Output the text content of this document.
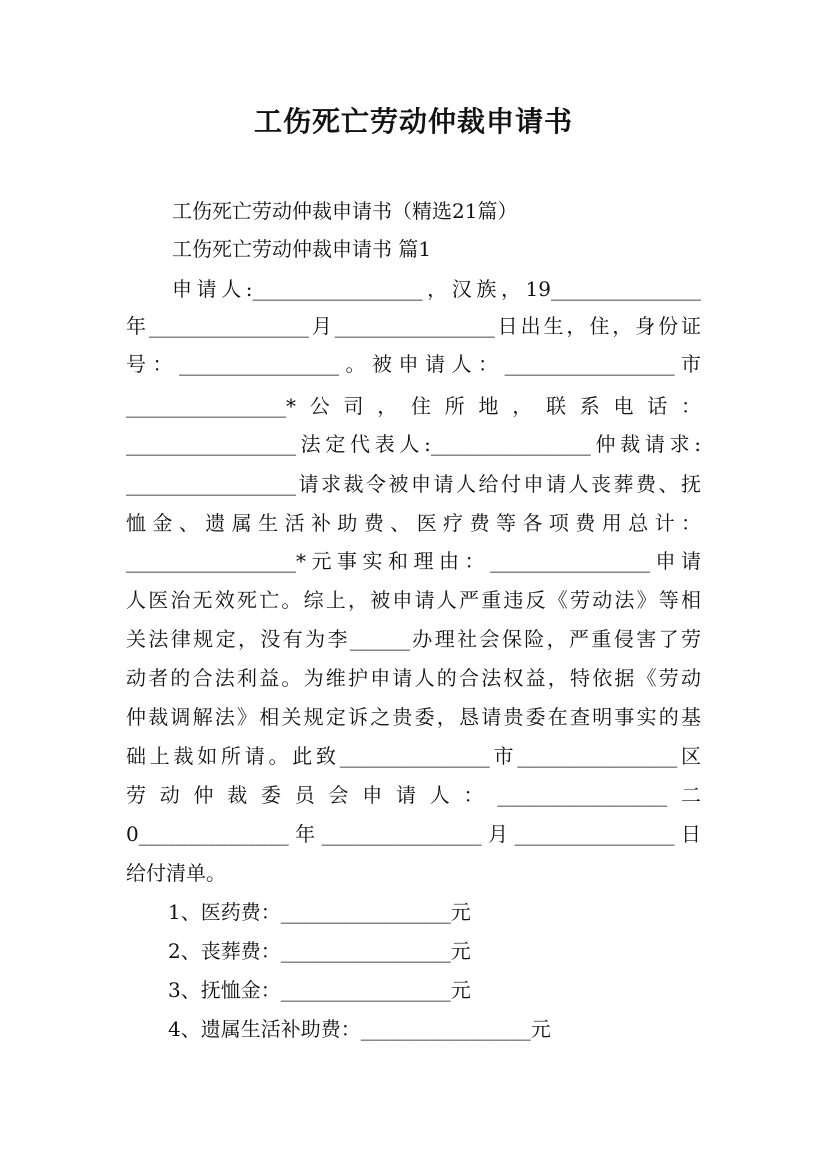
工伤死亡劳动仲裁申请书

工伤死亡劳动仲裁申请书（精选21篇）

工伤死亡劳动仲裁申请书 篇1

申请人:_________________，汉族，19_______________

年________________月________________日出生，住，身份证

号：________________。被申请人：_________________市

________________*公司，住所地，联系电话：

_________________法定代表人:________________仲裁请求:

_________________请求裁令被申请人给付申请人丧葬费、抚

恤金、遗属生活补助费、医疗费等各项费用总计：

_________________*元事实和理由：________________申请

人医治无效死亡。综上，被申请人严重违反《劳动法》等相

关法律规定，没有为李______办理社会保险，严重侵害了劳

动者的合法利益。为维护申请人的合法权益，特依据《劳动

仲裁调解法》相关规定诉之贵委，恳请贵委在查明事实的基

础上裁如所请。此致_______________市________________区

劳动仲裁委员会申请人：_________________二

0_______________年________________月________________日

给付清单。

1、医药费：_________________元

2、丧葬费：_________________元

3、抚恤金：_________________元

4、遗属生活补助费：_________________元
